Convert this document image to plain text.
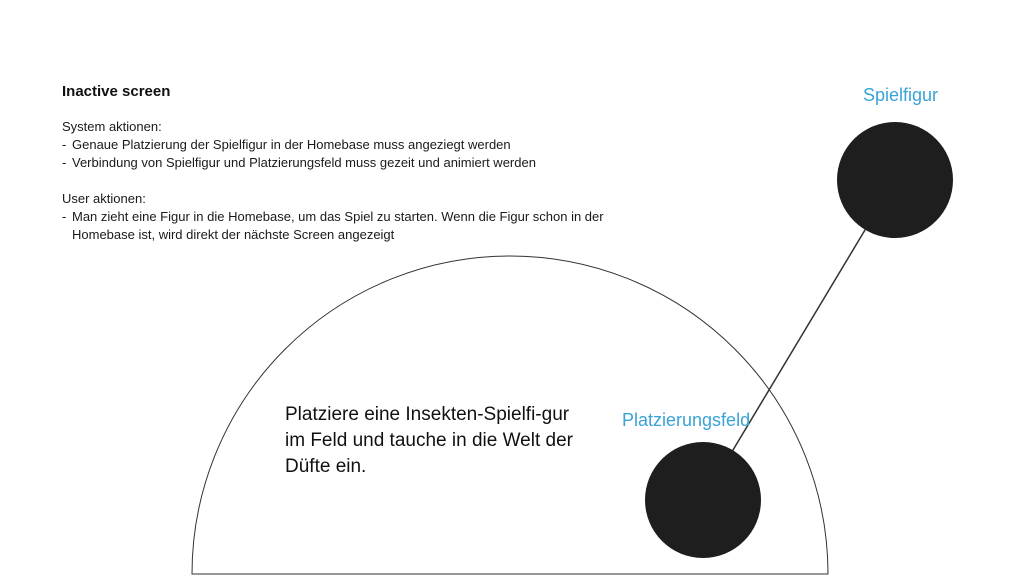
Inactive screen
System aktionen:
- Genaue Platzierung der Spielfigur in der Homebase muss angeziegt werden
- Verbindung von Spielfigur und Platzierungsfeld muss gezeit und animiert werden
User aktionen:
- Man zieht eine Figur in die Homebase, um das Spiel zu starten. Wenn die Figur schon in der Homebase ist, wird direkt der nächste Screen angezeigt
Platziere eine Insekten-Spielfi-gur im Feld und tauche in die Welt der Düfte ein.
Spielfigur
Platzierungsfeld
